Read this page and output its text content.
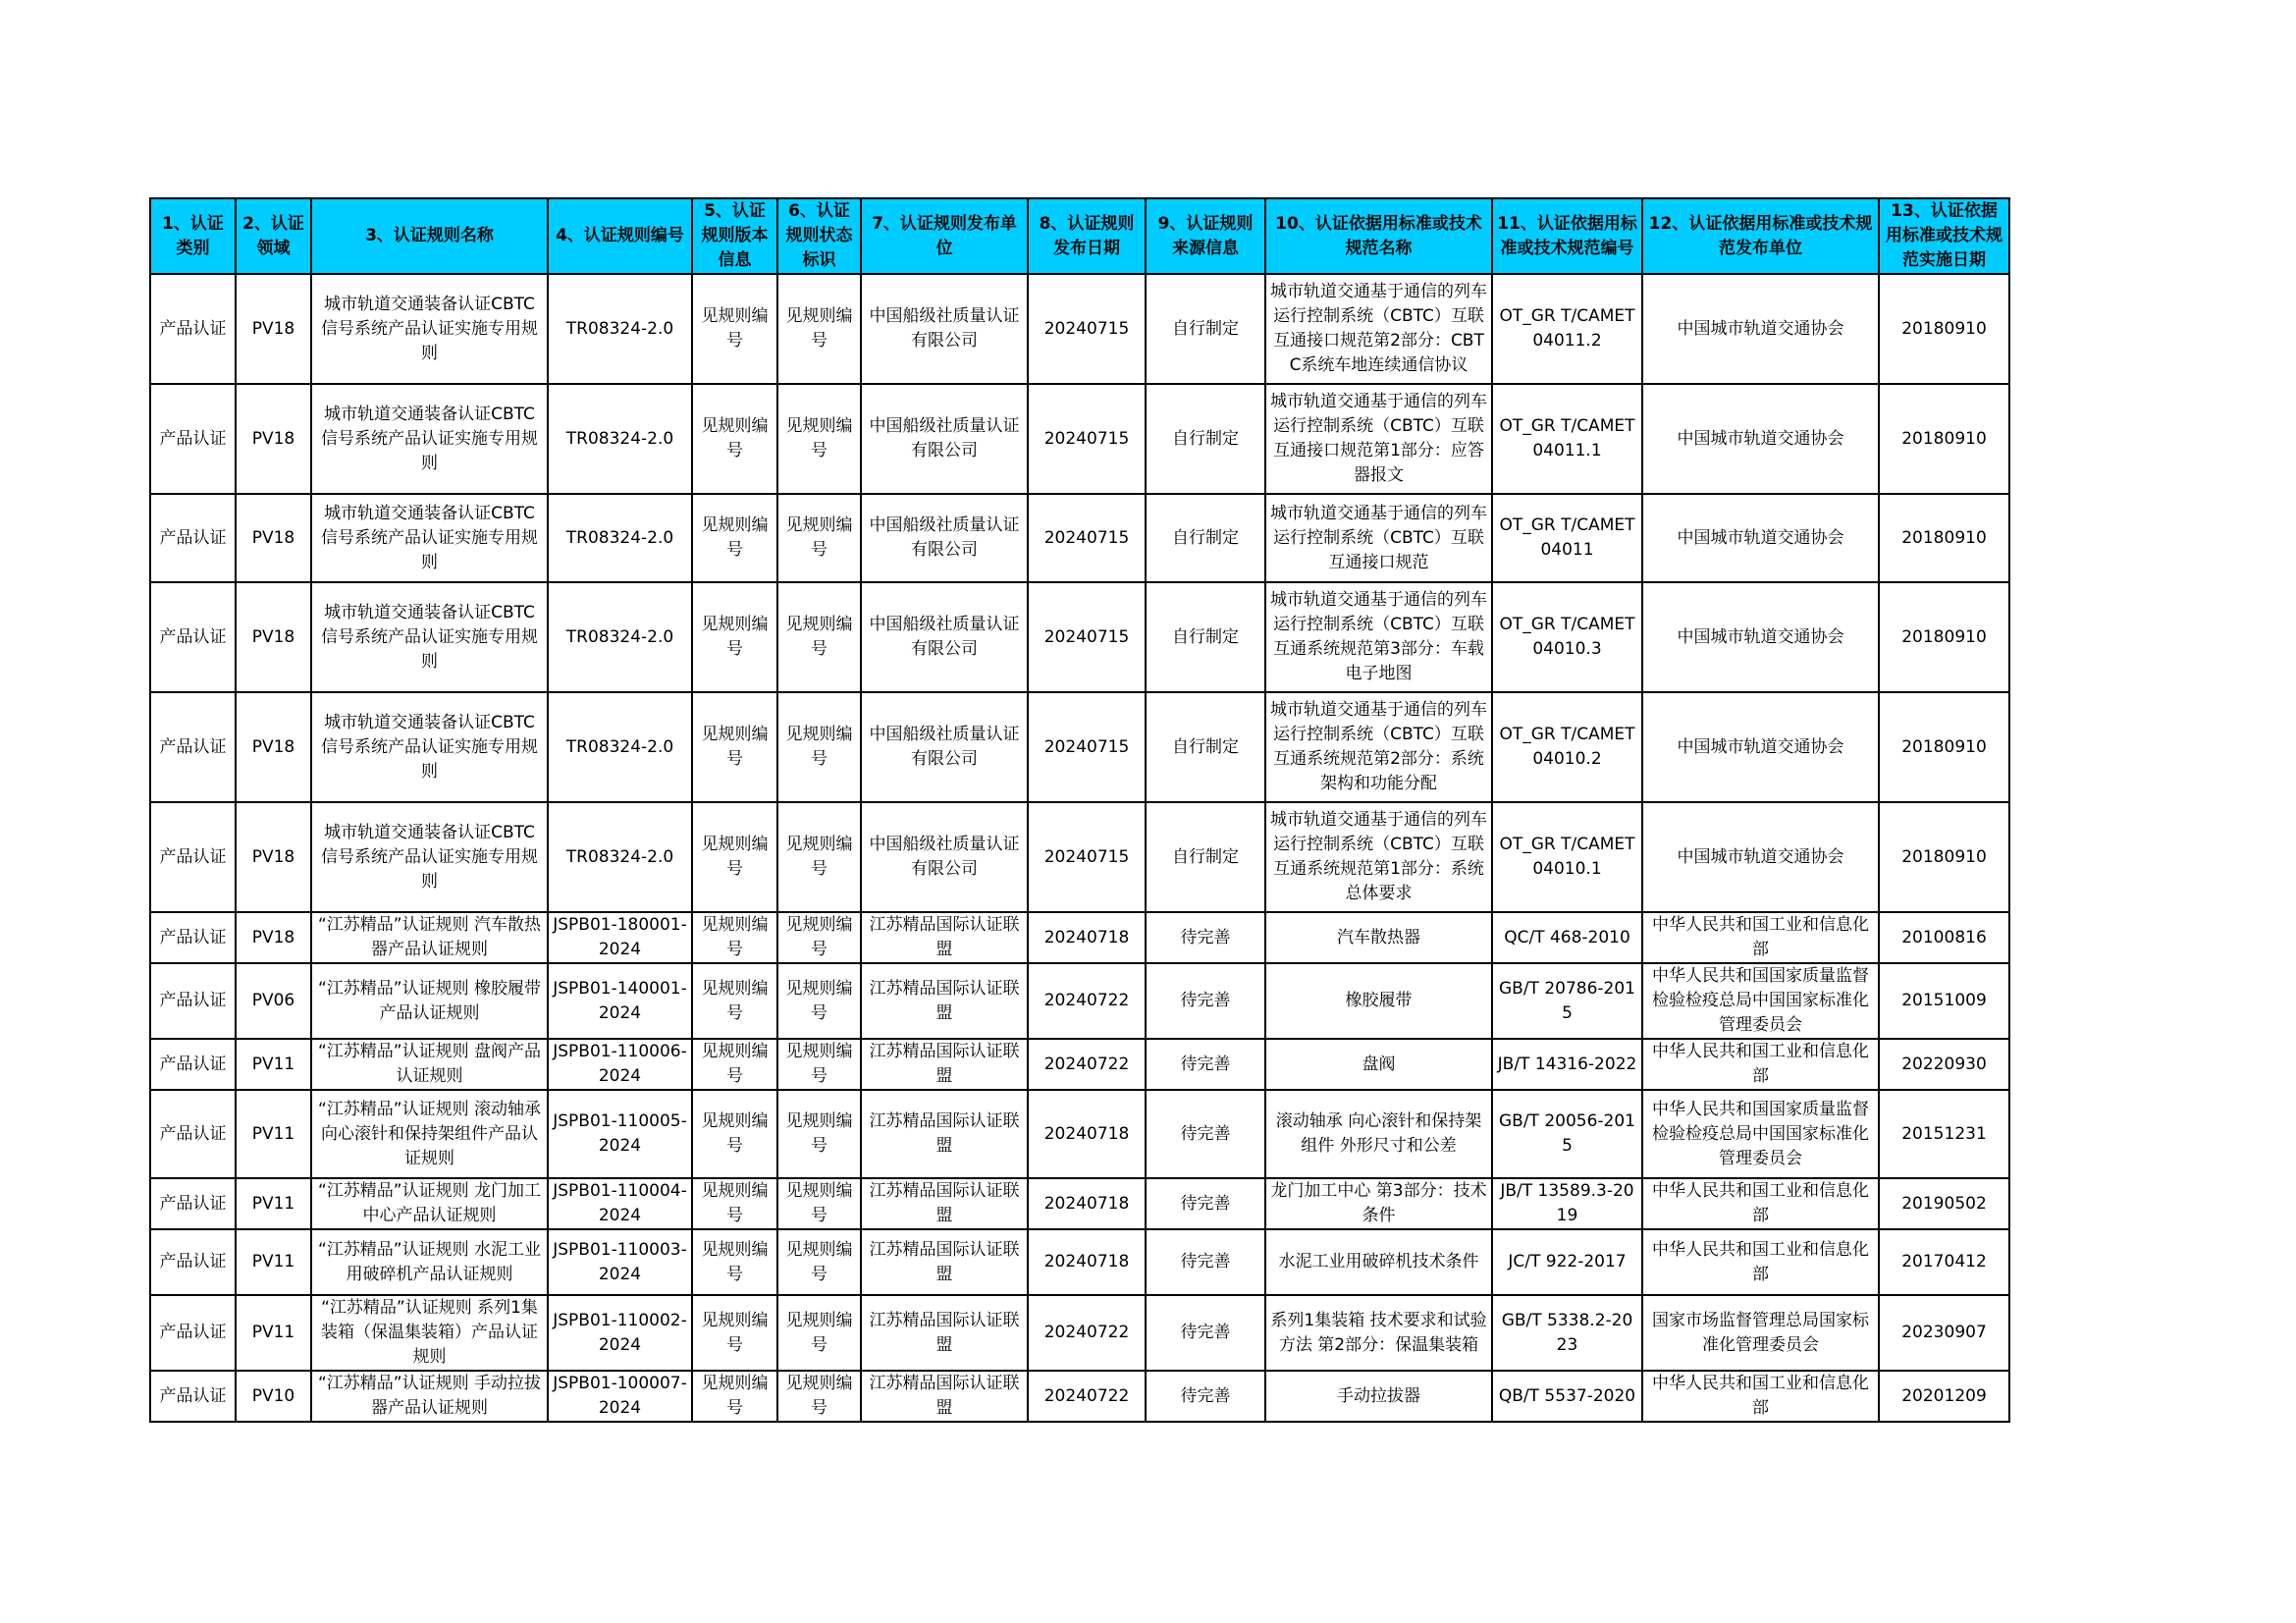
1、认证类别	2、认证领域	3、认证规则名称	4、认证规则编号	5、认证规则版本信息	6、认证规则状态标识	7、认证规则发布单位	8、认证规则发布日期	9、认证规则来源信息	10、认证依据用标准或技术规范名称	11、认证依据用标准或技术规范编号	12、认证依据用标准或技术规范发布单位	13、认证依据用标准或技术规范实施日期
产品认证	PV18	城市轨道交通装备认证CBTC信号系统产品认证实施专用规则	TR08324-2.0	见规则编号	见规则编号	中国船级社质量认证有限公司	20240715	自行制定	城市轨道交通基于通信的列车运行控制系统（CBTC）互联互通接口规范第2部分：CBTC系统车地连续通信协议	OT_GR T/CAMET 04011.2	中国城市轨道交通协会	20180910
产品认证	PV18	城市轨道交通装备认证CBTC信号系统产品认证实施专用规则	TR08324-2.0	见规则编号	见规则编号	中国船级社质量认证有限公司	20240715	自行制定	城市轨道交通基于通信的列车运行控制系统（CBTC）互联互通接口规范第1部分：应答器报文	OT_GR T/CAMET 04011.1	中国城市轨道交通协会	20180910
产品认证	PV18	城市轨道交通装备认证CBTC信号系统产品认证实施专用规则	TR08324-2.0	见规则编号	见规则编号	中国船级社质量认证有限公司	20240715	自行制定	城市轨道交通基于通信的列车运行控制系统（CBTC）互联互通接口规范	OT_GR T/CAMET 04011	中国城市轨道交通协会	20180910
产品认证	PV18	城市轨道交通装备认证CBTC信号系统产品认证实施专用规则	TR08324-2.0	见规则编号	见规则编号	中国船级社质量认证有限公司	20240715	自行制定	城市轨道交通基于通信的列车运行控制系统（CBTC）互联互通系统规范第3部分：车载电子地图	OT_GR T/CAMET 04010.3	中国城市轨道交通协会	20180910
产品认证	PV18	城市轨道交通装备认证CBTC信号系统产品认证实施专用规则	TR08324-2.0	见规则编号	见规则编号	中国船级社质量认证有限公司	20240715	自行制定	城市轨道交通基于通信的列车运行控制系统（CBTC）互联互通系统规范第2部分：系统架构和功能分配	OT_GR T/CAMET 04010.2	中国城市轨道交通协会	20180910
产品认证	PV18	城市轨道交通装备认证CBTC信号系统产品认证实施专用规则	TR08324-2.0	见规则编号	见规则编号	中国船级社质量认证有限公司	20240715	自行制定	城市轨道交通基于通信的列车运行控制系统（CBTC）互联互通系统规范第1部分：系统总体要求	OT_GR T/CAMET 04010.1	中国城市轨道交通协会	20180910
产品认证	PV18	“江苏精品”认证规则 汽车散热器产品认证规则	JSPB01-180001-2024	见规则编号	见规则编号	江苏精品国际认证联盟	20240718	待完善	汽车散热器	QC/T 468-2010	中华人民共和国工业和信息化部	20100816
产品认证	PV06	“江苏精品”认证规则 橡胶履带产品认证规则	JSPB01-140001-2024	见规则编号	见规则编号	江苏精品国际认证联盟	20240722	待完善	橡胶履带	GB/T 20786-2015	中华人民共和国国家质量监督检验检疫总局中国国家标准化管理委员会	20151009
产品认证	PV11	“江苏精品”认证规则 盘阀产品认证规则	JSPB01-110006-2024	见规则编号	见规则编号	江苏精品国际认证联盟	20240722	待完善	盘阀	JB/T 14316-2022	中华人民共和国工业和信息化部	20220930
产品认证	PV11	“江苏精品”认证规则 滚动轴承向心滚针和保持架组件产品认证规则	JSPB01-110005-2024	见规则编号	见规则编号	江苏精品国际认证联盟	20240718	待完善	滚动轴承 向心滚针和保持架组件 外形尺寸和公差	GB/T 20056-2015	中华人民共和国国家质量监督检验检疫总局中国国家标准化管理委员会	20151231
产品认证	PV11	“江苏精品”认证规则 龙门加工中心产品认证规则	JSPB01-110004-2024	见规则编号	见规则编号	江苏精品国际认证联盟	20240718	待完善	龙门加工中心 第3部分：技术条件	JB/T 13589.3-2019	中华人民共和国工业和信息化部	20190502
产品认证	PV11	“江苏精品”认证规则 水泥工业用破碎机产品认证规则	JSPB01-110003-2024	见规则编号	见规则编号	江苏精品国际认证联盟	20240718	待完善	水泥工业用破碎机技术条件	JC/T 922-2017	中华人民共和国工业和信息化部	20170412
产品认证	PV11	“江苏精品”认证规则 系列1集装箱（保温集装箱）产品认证规则	JSPB01-110002-2024	见规则编号	见规则编号	江苏精品国际认证联盟	20240722	待完善	系列1集装箱 技术要求和试验方法 第2部分：保温集装箱	GB/T 5338.2-2023	国家市场监督管理总局国家标准化管理委员会	20230907
产品认证	PV10	“江苏精品”认证规则 手动拉拔器产品认证规则	JSPB01-100007-2024	见规则编号	见规则编号	江苏精品国际认证联盟	20240722	待完善	手动拉拔器	QB/T 5537-2020	中华人民共和国工业和信息化部	20201209
